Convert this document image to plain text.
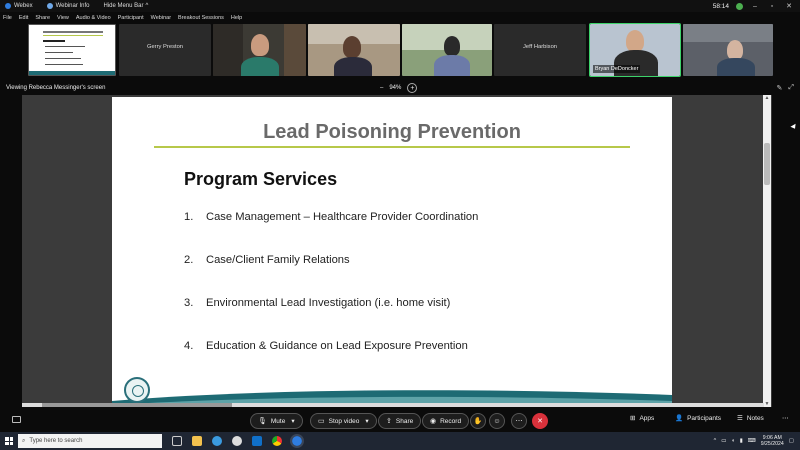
Webex	Webinar Info Hide Menu Bar ^	58:14	–	▫	✕
File Edit Share View Audio & Video Participant Webinar Breakout Sessions Help
Gerry Preston	Jeff Harbison
Bryan DeDoncker
Viewing Rebecca Messinger's screen	– 94%	+	✎ ⤢
Lead Poisoning Prevention
Program Services
1. Case Management – Healthcare Provider Coordination
2. Case/Client Family Relations
3. Environmental Lead Investigation (i.e. home visit)
4. Education & Guidance on Lead Exposure Prevention
▲
▼
🎙 Mute ▾	▭ Stop video ▾ ⇪ Share ◉ Record ✋ ☺ ⋯ ✕	⊞ Apps	👤 Participants ☰ Notes	⋯
⌕ Type here to search	^ ▭ ◖ ▮ ⌨	9:06 AM
9/25/2024 ▢
